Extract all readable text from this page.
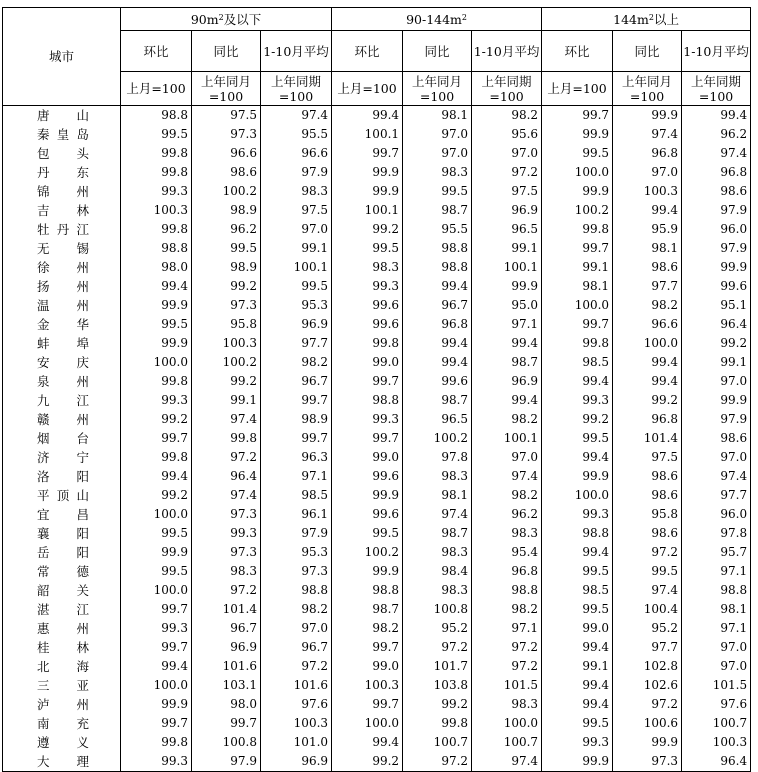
城市	$90m^2$及以下			$90-144m^2$			$144m^2$以上		
	环比	同比	1-10月平均	环比	同比	1-10月平均	环比	同比	1-10月平均
	上月=100	上年同月=100	上年同期=100	上月=100	上年同月=100	上年同期=100	上月=100	上年同月=100	上年同期=100

唐山	98.8	97.5	97.4	99.4	98.1	98.2	99.7	99.9	99.4

秦皇岛	99.5	97.3	95.5	100.1	97.0	95.6	99.9	97.4	96.2

包头	99.8	96.6	96.6	99.7	97.0	97.0	99.5	96.8	97.4

丹东	99.8	98.6	97.9	99.9	98.3	97.2	100.0	97.0	96.8

锦州	99.3	100.2	98.3	99.9	99.5	97.5	99.9	100.3	98.6

吉林	100.3	98.9	97.5	100.1	98.7	96.9	100.2	99.4	97.9

牡丹江	99.8	96.2	97.0	99.2	95.5	96.5	99.8	95.9	96.0

无锡	98.8	99.5	99.1	99.5	98.8	99.1	99.7	98.1	97.9

徐州	98.0	98.9	100.1	98.3	98.8	100.1	99.1	98.6	99.9

扬州	99.4	99.2	99.5	99.3	99.4	99.9	98.1	97.7	99.6

温州	99.9	97.3	95.3	99.6	96.7	95.0	100.0	98.2	95.1

金华	99.5	95.8	96.9	99.6	96.8	97.1	99.7	96.6	96.4

蚌埠	99.9	100.3	97.7	99.8	99.4	99.4	99.8	100.0	99.2

安庆	100.0	100.2	98.2	99.0	99.4	98.7	98.5	99.4	99.1

泉州	99.8	99.2	96.7	99.7	99.6	96.9	99.4	99.4	97.0

九江	99.3	99.1	99.7	98.8	98.7	99.4	99.3	99.2	99.9

赣州	99.2	97.4	98.9	99.3	96.5	98.2	99.2	96.8	97.9

烟台	99.7	99.8	99.7	99.7	100.2	100.1	99.5	101.4	98.6

济宁	99.8	97.2	96.3	99.0	97.8	97.0	99.4	97.5	97.0

洛阳	99.4	96.4	97.1	99.6	98.3	97.4	99.9	98.6	97.4

平顶山	99.2	97.4	98.5	99.9	98.1	98.2	100.0	98.6	97.7

宜昌	100.0	97.3	96.1	99.6	97.4	96.2	99.3	95.8	96.0

襄阳	99.5	99.3	97.9	99.5	98.7	98.3	98.8	98.6	97.8

岳阳	99.9	97.3	95.3	100.2	98.3	95.4	99.4	97.2	95.7

常德	99.5	98.3	97.3	99.9	98.4	96.8	99.5	99.5	97.1

韶关	100.0	97.2	98.8	98.8	98.3	98.8	98.5	97.4	98.8

湛江	99.7	101.4	98.2	98.7	100.8	98.2	99.5	100.4	98.1

惠州	99.3	96.7	97.0	98.2	95.2	97.1	99.0	95.2	97.1

桂林	99.7	96.9	96.7	99.7	97.2	97.2	99.4	97.7	97.0

北海	99.4	101.6	97.2	99.0	101.7	97.2	99.1	102.8	97.0

三亚	100.0	103.1	101.6	100.3	103.8	101.5	99.4	102.6	101.5

泸州	99.9	98.0	97.6	99.7	99.2	98.3	99.4	97.2	97.6

南充	99.7	99.7	100.3	100.0	99.8	100.0	99.5	100.6	100.7

遵义	99.8	100.8	101.0	99.4	100.7	100.7	99.3	99.9	100.3

大理	99.3	97.9	96.9	99.2	97.2	97.4	99.9	97.3	96.4
